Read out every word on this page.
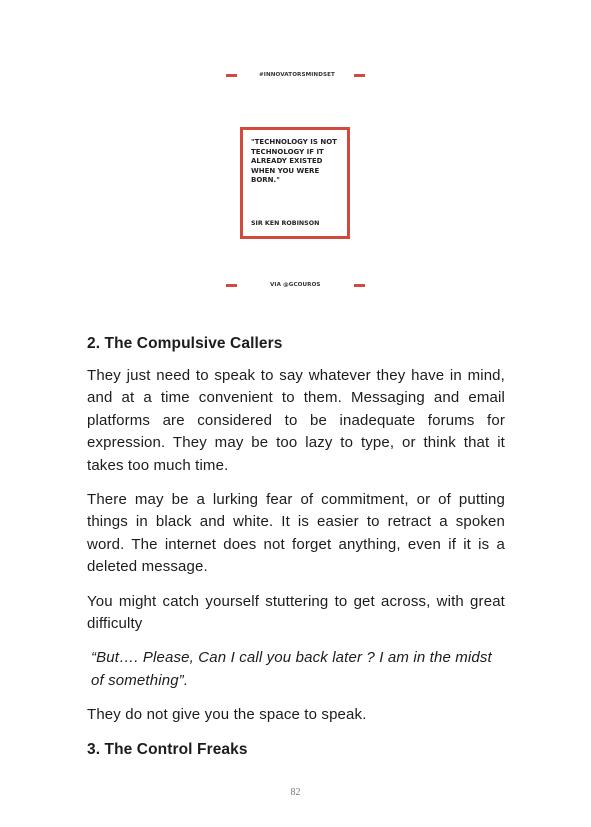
#INNOVATORSMINDSET
"TECHNOLOGY IS NOT
TECHNOLOGY IF IT
ALREADY EXISTED
WHEN YOU WERE
BORN."
SIR KEN ROBINSON
VIA @GCOUROS
2. The Compulsive Callers

They just need to speak to say whatever they have in mind, and at a time convenient to them. Messaging and email platforms are considered to be inadequate forums for expression. They may be too lazy to type, or think that it takes too much time.

There may be a lurking fear of commitment, or of putting things in black and white. It is easier to retract a spoken word. The internet does not forget anything, even if it is a deleted message.

You might catch yourself stuttering to get across, with great difficulty

“But…. Please, Can I call you back later ? I am in the midst of something”.

They do not give you the space to speak.

3. The Control Freaks
82
